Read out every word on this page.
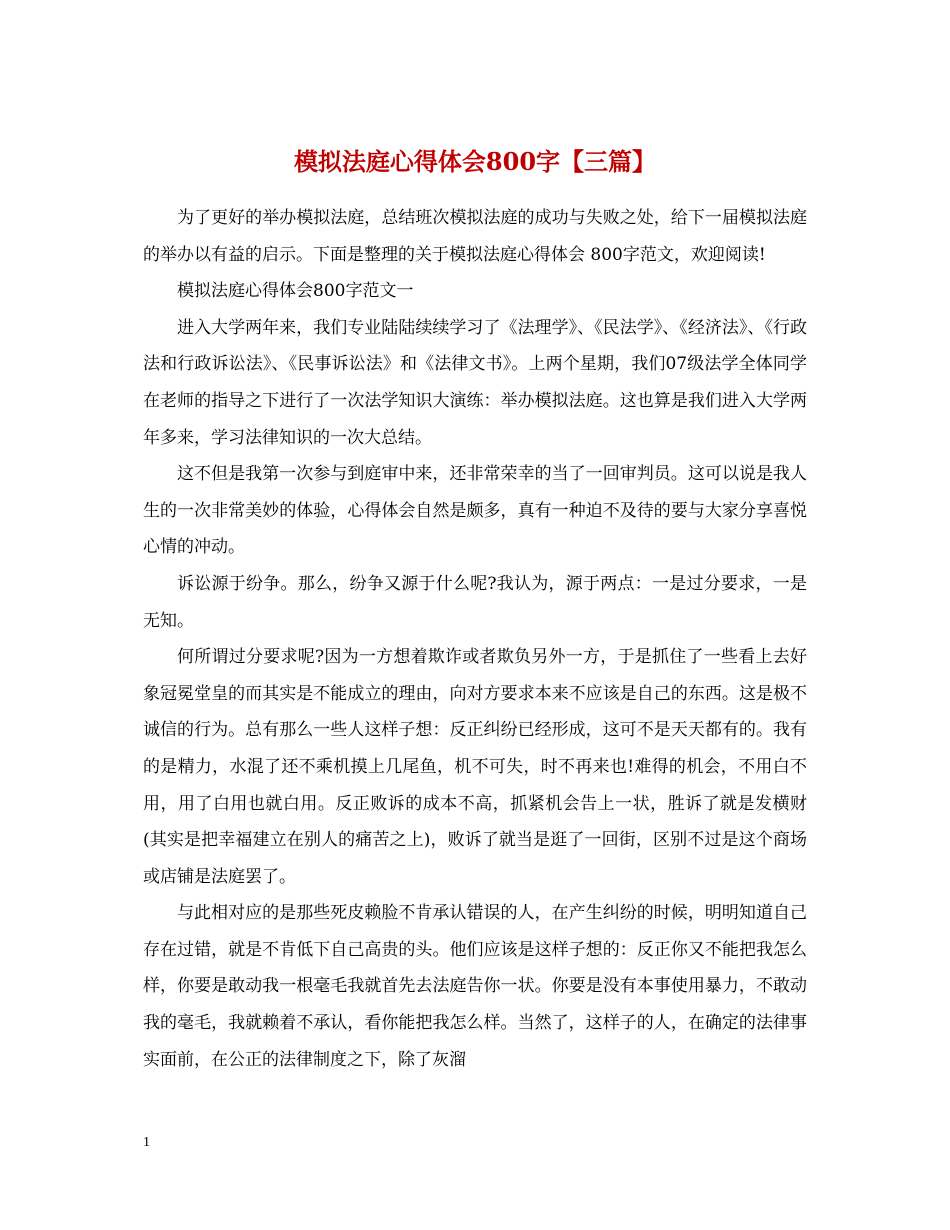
模拟法庭心得体会800字【三篇】

为了更好的举办模拟法庭，总结班次模拟法庭的成功与失败之处，给下一届模拟法庭的举办以有益的启示。下面是整理的关于模拟法庭心得体会 800字范文，欢迎阅读!

模拟法庭心得体会800字范文一

进入大学两年来，我们专业陆陆续续学习了《法理学》、《民法学》、《经济法》、《行政法和行政诉讼法》、《民事诉讼法》和《法律文书》。上两个星期，我们07级法学全体同学在老师的指导之下进行了一次法学知识大演练：举办模拟法庭。这也算是我们进入大学两年多来，学习法律知识的一次大总结。

这不但是我第一次参与到庭审中来，还非常荣幸的当了一回审判员。这可以说是我人生的一次非常美妙的体验，心得体会自然是颇多，真有一种迫不及待的要与大家分享喜悦心情的冲动。

诉讼源于纷争。那么，纷争又源于什么呢?我认为，源于两点：一是过分要求，一是无知。

何所谓过分要求呢?因为一方想着欺诈或者欺负另外一方，于是抓住了一些看上去好象冠冕堂皇的而其实是不能成立的理由，向对方要求本来不应该是自己的东西。这是极不诚信的行为。总有那么一些人这样子想：反正纠纷已经形成，这可不是天天都有的。我有的是精力，水混了还不乘机摸上几尾鱼，机不可失，时不再来也!难得的机会，不用白不用，用了白用也就白用。反正败诉的成本不高，抓紧机会告上一状，胜诉了就是发横财(其实是把幸福建立在别人的痛苦之上)，败诉了就当是逛了一回街，区别不过是这个商场或店铺是法庭罢了。

与此相对应的是那些死皮赖脸不肯承认错误的人，在产生纠纷的时候，明明知道自己存在过错，就是不肯低下自己高贵的头。他们应该是这样子想的：反正你又不能把我怎么样，你要是敢动我一根毫毛我就首先去法庭告你一状。你要是没有本事使用暴力，不敢动我的毫毛，我就赖着不承认，看你能把我怎么样。当然了，这样子的人，在确定的法律事实面前，在公正的法律制度之下，除了灰溜

1
